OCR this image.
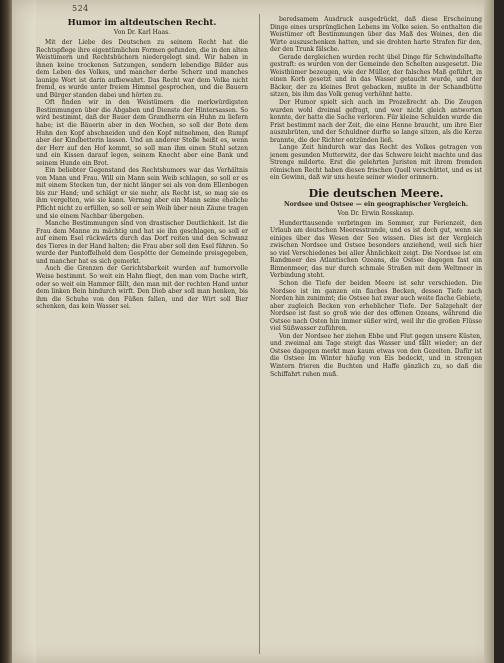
524
Humor im altdeutschen Recht.
Von Dr. Karl Haas.

Mit der Liebe des Deutschen zu seinem Recht hat die Rechtspflege ihre eigentümlichen Formen gefunden, die in den alten Weistümern und Rechtsbüchern niedergelegt sind. Wir haben in ihnen keine trockenen Satzungen, sondern lebendige Bilder aus dem Leben des Volkes, und mancher derbe Scherz und manches launige Wort ist darin aufbewahrt. Das Recht war dem Volke nicht fremd, es wurde unter freiem Himmel gesprochen, und die Bauern und Bürger standen dabei und hörten zu.

Oft finden wir in den Weistümern die merkwürdigsten Bestimmungen über die Abgaben und Dienste der Hintersassen. So wird bestimmt, daß der Bauer dem Grundherrn ein Huhn zu liefern habe; ist die Bäuerin aber in den Wochen, so soll der Bote dem Huhn den Kopf abschneiden und den Kopf mitnehmen, den Rumpf aber der Kindbetterin lassen. Und an anderer Stelle heißt es, wenn der Herr auf den Hof kommt, so soll man ihm einen Stuhl setzen und ein Kissen darauf legen, seinem Knecht aber eine Bank und seinem Hunde ein Brot.

Ein beliebter Gegenstand des Rechtshumors war das Verhältnis von Mann und Frau. Will ein Mann sein Weib schlagen, so soll er es mit einem Stecken tun, der nicht länger sei als von dem Ellenbogen bis zur Hand; und schlägt er sie mehr, als Recht ist, so mag sie es ihm vergelten, wie sie kann. Vermag aber ein Mann seine eheliche Pflicht nicht zu erfüllen, so soll er sein Weib über neun Zäune tragen und sie einem Nachbar übergeben.

Manche Bestimmungen sind von drastischer Deutlichkeit. Ist die Frau dem Manne zu mächtig und hat sie ihn geschlagen, so soll er auf einem Esel rückwärts durch das Dorf reiten und den Schwanz des Tieres in der Hand halten; die Frau aber soll den Esel führen. So wurde der Pantoffelheld dem Gespötte der Gemeinde preisgegeben, und mancher hat es sich gemerkt.

Auch die Grenzen der Gerichtsbarkeit wurden auf humorvolle Weise bestimmt. So weit ein Hahn fliegt, den man vom Dache wirft, oder so weit ein Hammer fällt, den man mit der rechten Hand unter dem linken Bein hindurch wirft. Den Dieb aber soll man henken, bis ihm die Schuhe von den Füßen fallen, und der Wirt soll Bier schenken, das kein Wasser sei.

beredsamem Ausdruck ausgedrückt, daß diese Erscheinung Dinge eines ursprünglichen Lebens im Volke seien. So enthalten die Weistümer oft Bestimmungen über das Maß des Weines, den die Wirte auszuschenken hatten, und sie drohten harte Strafen für den, der den Trunk fälsche.

Gerade dergleichen wurden recht übel Dinge für Schwindelhafte gestraft: es wurden von der Gemeinde den Schelten ausgesetzt. Die Weisthümer bezeugen, wie der Müller, der falsches Maß geführt, in einen Korb gesetzt und in das Wasser getaucht wurde, und der Bäcker, der zu kleines Brot gebacken, mußte in der Schandbütte sitzen, bis ihm das Volk genug verhöhnt hatte.

Der Humor spielt sich auch im Prozeßrecht ab. Die Zeugen wurden wohl dreimal gefragt, und wer nicht gleich antworten konnte, der hatte die Sache verloren. Für kleine Schulden wurde die Frist bestimmt nach der Zeit, die eine Henne braucht, um ihre Eier auszubrüten, und der Schuldner durfte so lange sitzen, als die Kerze brannte, die der Richter entzünden ließ.

Lange Zeit hindurch war das Recht des Volkes getragen von jenem gesunden Mutterwitz, der das Schwere leicht machte und das Strenge milderte. Erst die gelehrten Juristen mit ihrem fremden römischen Recht haben diesen frischen Quell verschüttet, und es ist ein Gewinn, daß wir uns heute seiner wieder erinnern.

Die deutschen Meere.
Nordsee und Ostsee — ein geographischer Vergleich.
Von Dr. Erwin Rosskamp.

Hunderttausende verbringen im Sommer, zur Ferienzeit, den Urlaub am deutschen Meeresstrande, und es ist doch gut, wenn sie einiges über das Wesen der See wissen. Dies ist der Vergleich zwischen Nordsee und Ostsee besonders anziehend, weil sich hier so viel Verschiedenes bei aller Ähnlichkeit zeigt. Die Nordsee ist ein Randmeer des Atlantischen Ozeans, die Ostsee dagegen fast ein Binnenmeer, das nur durch schmale Straßen mit dem Weltmeer in Verbindung steht.

Schon die Tiefe der beiden Meere ist sehr verschieden. Die Nordsee ist im ganzen ein flaches Becken, dessen Tiefe nach Norden hin zunimmt; die Ostsee hat zwar auch weite flache Gebiete, aber zugleich Becken von erheblicher Tiefe. Der Salzgehalt der Nordsee ist fast so groß wie der des offenen Ozeans, während die Ostsee nach Osten hin immer süßer wird, weil ihr die großen Flüsse viel Süßwasser zuführen.

Von der Nordsee her ziehen Ebbe und Flut gegen unsere Küsten, und zweimal am Tage steigt das Wasser und fällt wieder; an der Ostsee dagegen merkt man kaum etwas von den Gezeiten. Dafür ist die Ostsee im Winter häufig von Eis bedeckt, und in strengen Wintern frieren die Buchten und Haffe gänzlich zu, so daß die Schiffahrt ruhen muß.
